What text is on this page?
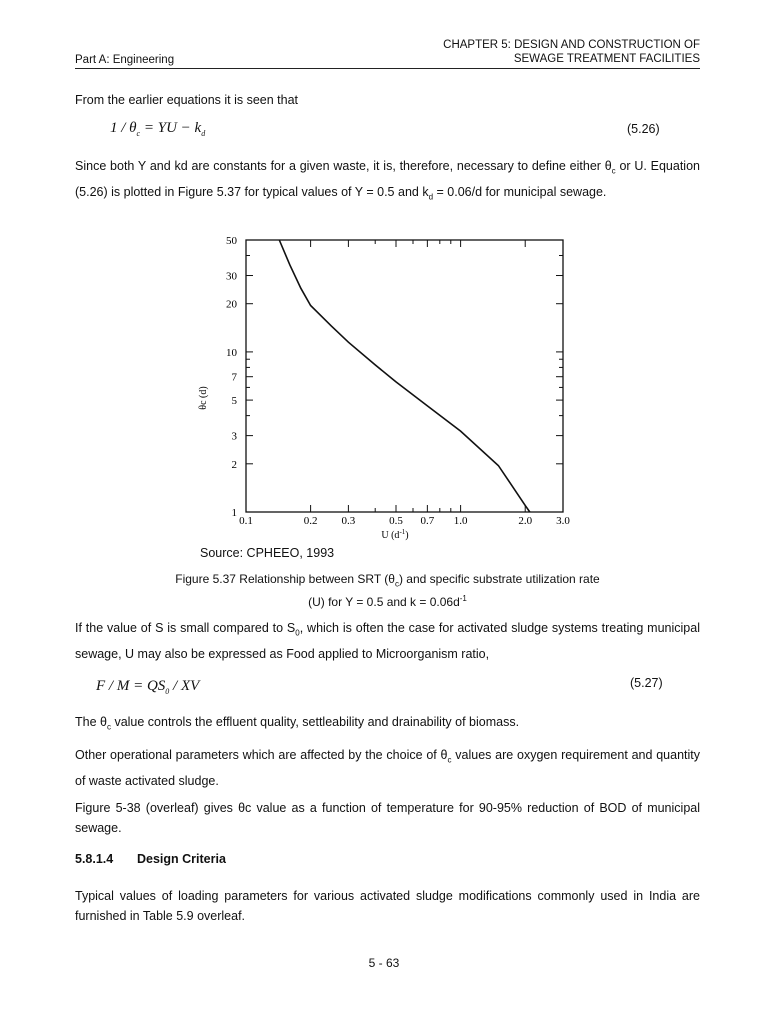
Part A: Engineering
CHAPTER 5: DESIGN AND CONSTRUCTION OF
SEWAGE TREATMENT FACILITIES
From the earlier equations it is seen that
$1 / \theta_c$ = YU − $k_d$	(5.26)
Since both Y and kd are constants for a given waste, it is, therefore, necessary to define either $\theta_c$ or U. Equation (5.26) is plotted in Figure 5.37 for typical values of Y = 0.5 and $k_d = 0.06/d$ for municipal sewage.
1
2
3
5
7
10
20
30
50
0.1	0.2 0.3	0.5 0.7 1.0	2.0 3.0
θc (d)
U $(d^{-1})$
Source: CPHEEO, 1993
Figure 5.37 Relationship between SRT $(\theta_c)$ and specific substrate utilization rate
(U) for Y = 0.5 and $k = 0.06d^{-1}$
If the value of S is small compared to $S_0$, which is often the case for activated sludge systems treating municipal sewage, U may also be expressed as Food applied to Microorganism ratio,
$F / M = QS_0$ / XV	(5.27)
The $\theta_c$ value controls the effluent quality, settleability and drainability of biomass.
Other operational parameters which are affected by the choice of $\theta_c$ values are oxygen requirement and quantity of waste activated sludge.
Figure 5-38 (overleaf) gives θc value as a function of temperature for 90-95% reduction of BOD of municipal sewage.
5.8.1.4 Design Criteria
Typical values of loading parameters for various activated sludge modifications commonly used in India are furnished in Table 5.9 overleaf.
5 - 63
